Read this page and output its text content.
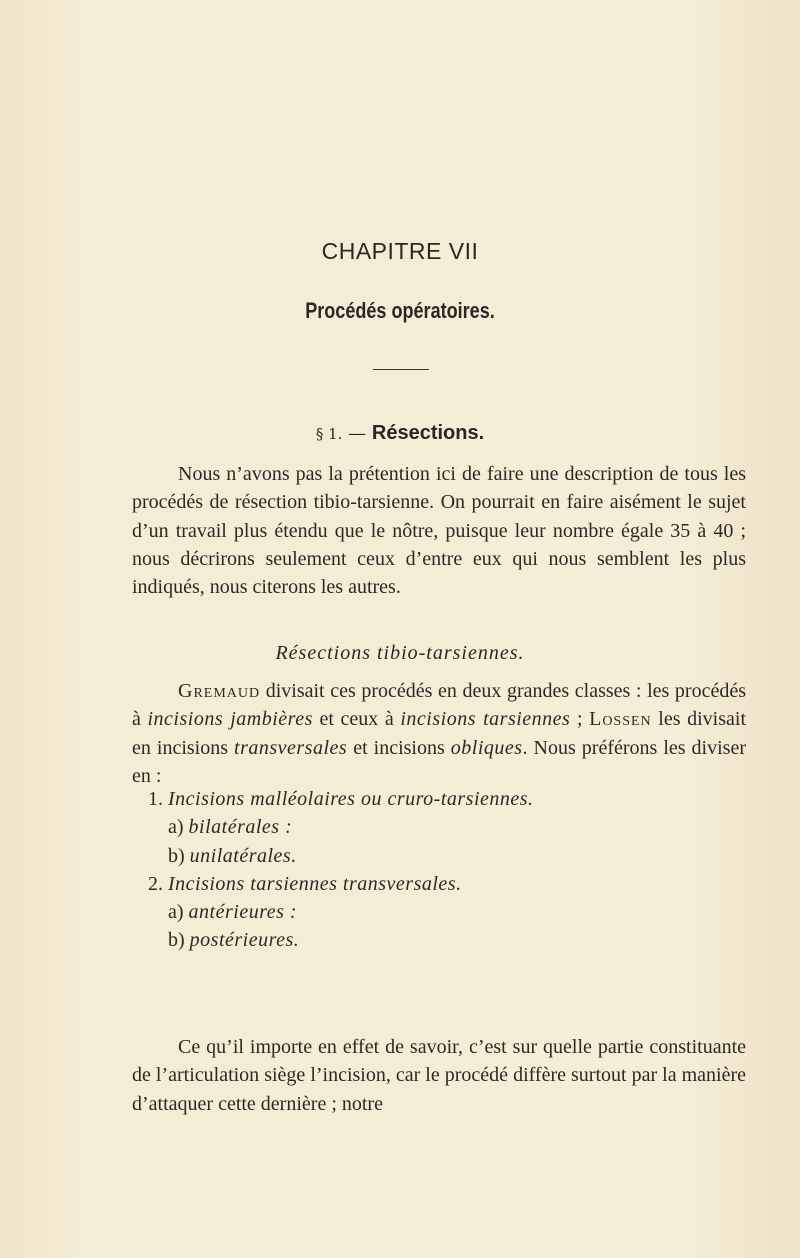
CHAPITRE VII
Procédés opératoires.
§ 1. — Résections.
Nous n’avons pas la prétention ici de faire une description de tous les procédés de résection tibio-tarsienne. On pourrait en faire aisément le sujet d’un travail plus étendu que le nôtre, puisque leur nombre égale 35 à 40 ; nous décrirons seulement ceux d’entre eux qui nous semblent les plus indiqués, nous citerons les autres.
Résections tibio-tarsiennes.
Gremaud divisait ces procédés en deux grandes classes : les procédés à incisions jambières et ceux à incisions tarsiennes ; Lossen les divisait en incisions transversales et incisions obliques. Nous préférons les diviser en :
1. Incisions malléolaires ou cruro-tarsiennes.
a) bilatérales :
b) unilatérales.
2. Incisions tarsiennes transversales.
a) antérieures :
b) postérieures.
Ce qu’il importe en effet de savoir, c’est sur quelle partie constituante de l’articulation siège l’incision, car le procédé diffère surtout par la manière d’attaquer cette dernière ; notre
